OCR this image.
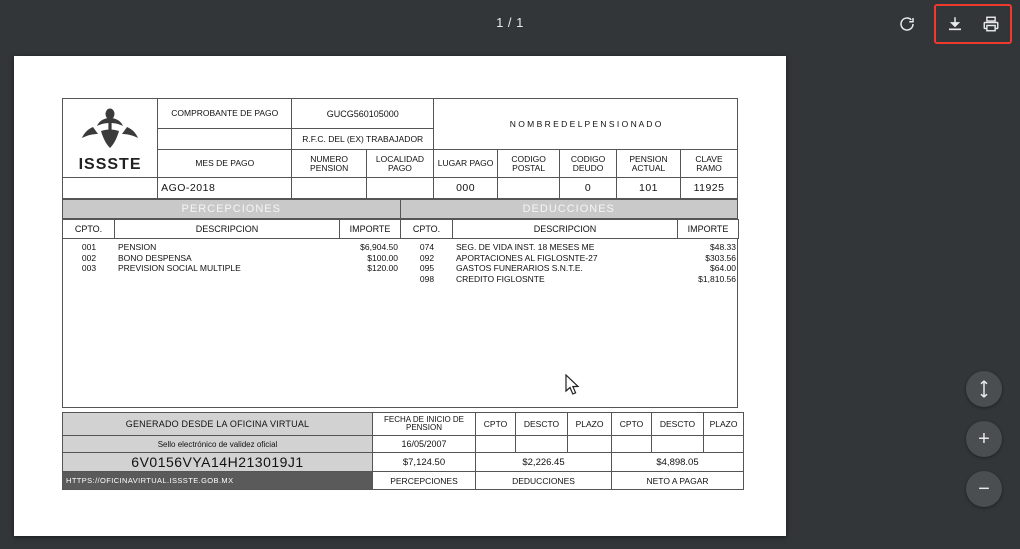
1 / 1
+
−
ISSSTE	COMPROBANTE DE PAGO	GUCG560105000		N O M B R E D E L P E N S I O N A D O				
		R.F.C. DEL (EX) TRABAJADOR						
	MES DE PAGO	NUMERO PENSION	LOCALIDAD PAGO	LUGAR PAGO	CODIGO POSTAL	CODIGO DEUDO	PENSION ACTUAL	CLAVE RAMO
	AGO-2018			000		0	101	11925
PERCEPCIONES	DEDUCCIONES
CPTO.	DESCRIPCION	IMPORTE	CPTO.	DESCRIPCION	IMPORTE
001	PENSION	$6,904.50	074	SEG. DE VIDA INST. 18 MESES ME	$48.33
002	BONO DESPENSA	$100.00	092	APORTACIONES AL FIGLOSNTE-27	$303.56
003	PREVISION SOCIAL MULTIPLE	$120.00	095	GASTOS FUNERARIOS S.N.T.E.	$64.00
			098	CREDITO FIGLOSNTE	$1,810.56
GENERADO DESDE LA OFICINA VIRTUAL	FECHA DE INICIO DE PENSION	CPTO	DESCTO	PLAZO	CPTO	DESCTO	PLAZO
Sello electrónico de validez oficial	16/05/2007						
6V0156VYA14H213019J1	$7,124.50	$2,226.45			$4,898.05		
HTTPS://OFICINAVIRTUAL.ISSSTE.GOB.MX	PERCEPCIONES	DEDUCCIONES			NETO A PAGAR		
